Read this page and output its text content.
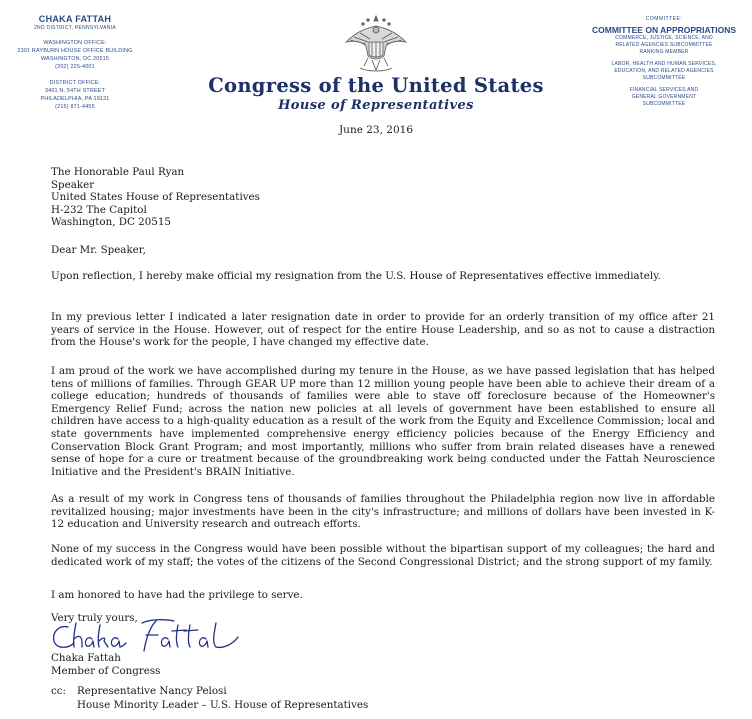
CHAKA FATTAH
2ND DISTRICT, PENNSYLVANIA
WASHINGTON OFFICE:
2301 RAYBURN HOUSE OFFICE BUILDING
WASHINGTON, DC 20515
(202) 225-4001
DISTRICT OFFICE:
3401 N. 54TH STREET
PHILADELPHIA, PA 19131
(215) 871-4455
Congress of the United States
House of Representatives
June 23, 2016
COMMITTEE:
COMMITTEE ON APPROPRIATIONS
COMMERCE, JUSTICE, SCIENCE, AND
RELATED AGENCIES SUBCOMMITTEE
RANKING MEMBER
LABOR, HEALTH AND HUMAN SERVICES,
EDUCATION, AND RELATED AGENCIES
SUBCOMMITTEE
FINANCIAL SERVICES AND
GENERAL GOVERNMENT
SUBCOMMITTEE
The Honorable Paul Ryan
Speaker
United States House of Representatives
H-232 The Capitol
Washington, DC 20515
Dear Mr. Speaker,
Upon reflection, I hereby make official my resignation from the U.S. House of Representatives effective immediately.
In my previous letter I indicated a later resignation date in order to provide for an orderly transition of my office after 21 years of service in the House. However, out of respect for the entire House Leadership, and so as not to cause a distraction from the House's work for the people, I have changed my effective date.
I am proud of the work we have accomplished during my tenure in the House, as we have passed legislation that has helped tens of millions of families. Through GEAR UP more than 12 million young people have been able to achieve their dream of a college education; hundreds of thousands of families were able to stave off foreclosure because of the Homeowner's Emergency Relief Fund; across the nation new policies at all levels of government have been established to ensure all children have access to a high-quality education as a result of the work from the Equity and Excellence Commission; local and state governments have implemented comprehensive energy efficiency policies because of the Energy Efficiency and Conservation Block Grant Program; and most importantly, millions who suffer from brain related diseases have a renewed sense of hope for a cure or treatment because of the groundbreaking work being conducted under the Fattah Neuroscience Initiative and the President's BRAIN Initiative.
As a result of my work in Congress tens of thousands of families throughout the Philadelphia region now live in affordable revitalized housing; major investments have been in the city's infrastructure; and millions of dollars have been invested in K-12 education and University research and outreach efforts.
None of my success in the Congress would have been possible without the bipartisan support of my colleagues; the hard and dedicated work of my staff; the votes of the citizens of the Second Congressional District; and the strong support of my family.
I am honored to have had the privilege to serve.
Very truly yours,
Chaka Fattah
Member of Congress
cc: Representative Nancy Pelosi
House Minority Leader – U.S. House of Representatives
